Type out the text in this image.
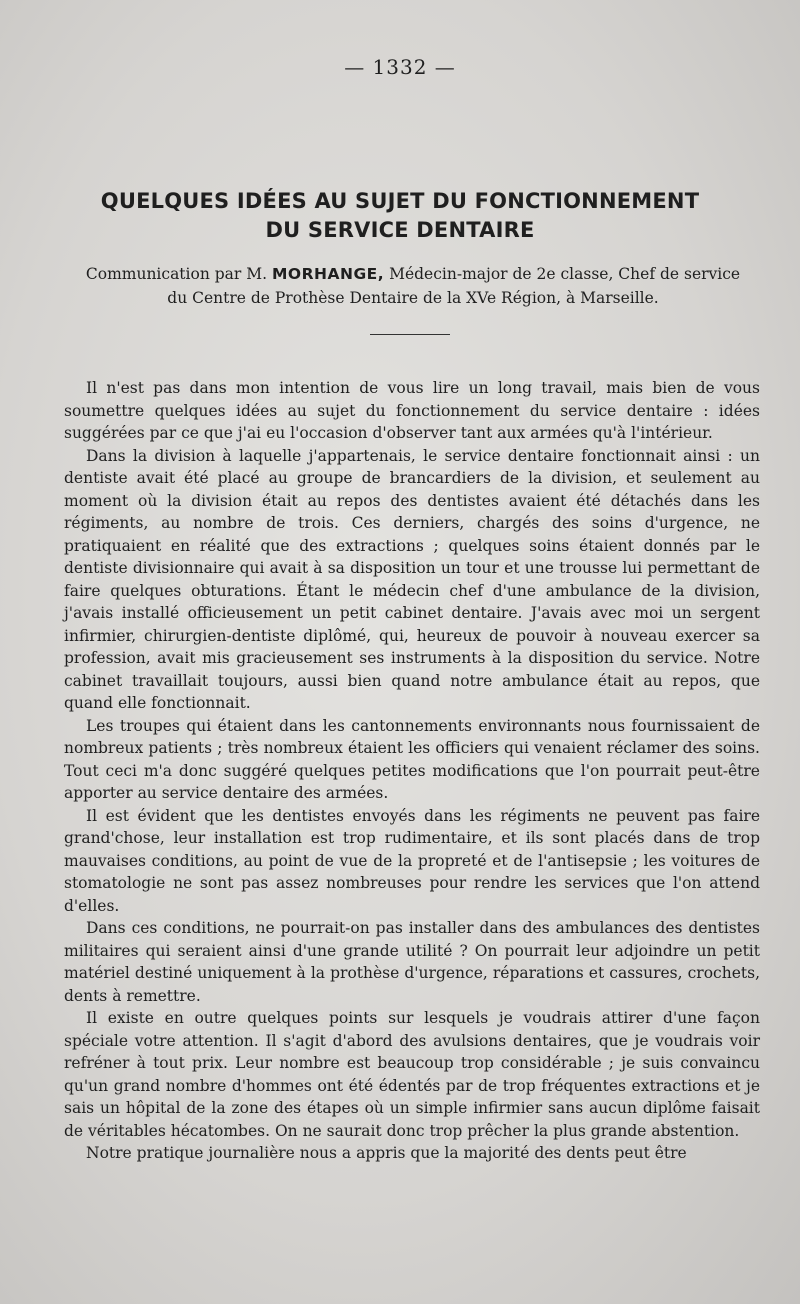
— 1332 —
QUELQUES IDÉES AU SUJET DU FONCTIONNEMENT
DU SERVICE DENTAIRE
Communication par M. MORHANGE, Médecin-major de 2e classe, Chef de service
du Centre de Prothèse Dentaire de la XVe Région, à Marseille.

Il n'est pas dans mon intention de vous lire un long travail, mais bien de vous soumettre quelques idées au sujet du fonctionnement du service dentaire : idées suggérées par ce que j'ai eu l'occasion d'observer tant aux armées qu'à l'intérieur.

Dans la division à laquelle j'appartenais, le service dentaire fonctionnait ainsi : un dentiste avait été placé au groupe de brancardiers de la division, et seulement au moment où la division était au repos des dentistes avaient été détachés dans les régiments, au nombre de trois. Ces derniers, chargés des soins d'urgence, ne pratiquaient en réalité que des extractions ; quelques soins étaient donnés par le dentiste divisionnaire qui avait à sa disposition un tour et une trousse lui permettant de faire quelques obturations. Étant le médecin chef d'une ambulance de la division, j'avais installé officieusement un petit cabinet dentaire. J'avais avec moi un sergent infirmier, chirurgien-dentiste diplômé, qui, heureux de pouvoir à nouveau exercer sa profession, avait mis gracieusement ses instruments à la disposition du service. Notre cabinet travaillait toujours, aussi bien quand notre ambulance était au repos, que quand elle fonctionnait.

Les troupes qui étaient dans les cantonnements environnants nous fournissaient de nombreux patients ; très nombreux étaient les officiers qui venaient réclamer des soins. Tout ceci m'a donc suggéré quelques petites modifications que l'on pourrait peut-être apporter au service dentaire des armées.

Il est évident que les dentistes envoyés dans les régiments ne peuvent pas faire grand'chose, leur installation est trop rudimentaire, et ils sont placés dans de trop mauvaises conditions, au point de vue de la propreté et de l'antisepsie ; les voitures de stomatologie ne sont pas assez nombreuses pour rendre les services que l'on attend d'elles.

Dans ces conditions, ne pourrait-on pas installer dans des ambulances des dentistes militaires qui seraient ainsi d'une grande utilité ? On pourrait leur adjoindre un petit matériel destiné uniquement à la prothèse d'urgence, réparations et cassures, crochets, dents à remettre.

Il existe en outre quelques points sur lesquels je voudrais attirer d'une façon spéciale votre attention. Il s'agit d'abord des avulsions dentaires, que je voudrais voir refréner à tout prix. Leur nombre est beaucoup trop considérable ; je suis convaincu qu'un grand nombre d'hommes ont été édentés par de trop fréquentes extractions et je sais un hôpital de la zone des étapes où un simple infirmier sans aucun diplôme faisait de véritables hécatombes. On ne saurait donc trop prêcher la plus grande abstention.

Notre pratique journalière nous a appris que la majorité des dents peut être
